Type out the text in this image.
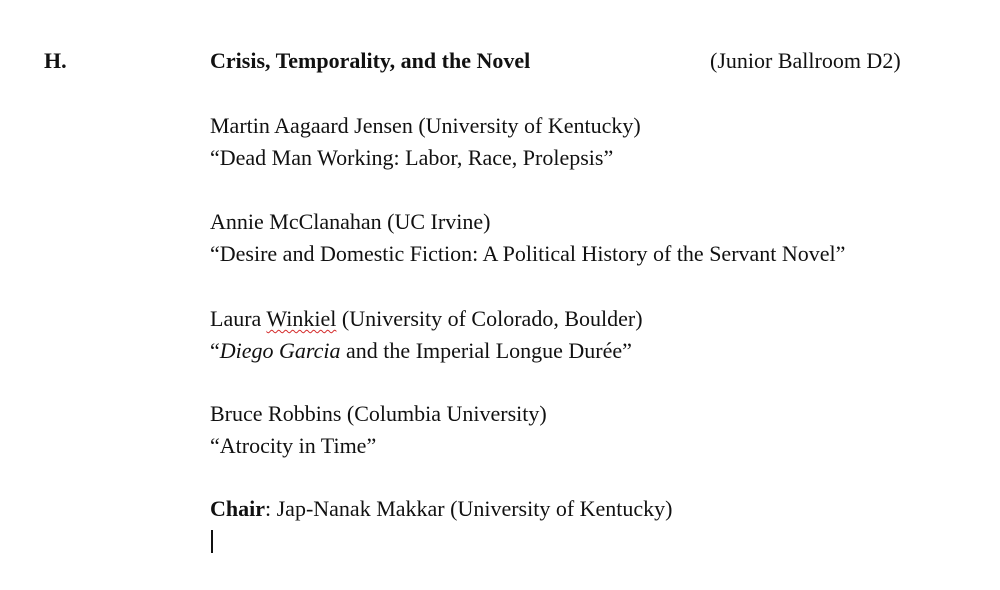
H.	Crisis, Temporality, and the Novel	(Junior Ballroom D2)
Martin Aagaard Jensen (University of Kentucky)
“Dead Man Working: Labor, Race, Prolepsis”
Annie McClanahan (UC Irvine)
“Desire and Domestic Fiction: A Political History of the Servant Novel”
Laura Winkiel (University of Colorado, Boulder)
“Diego Garcia and the Imperial Longue Durée”
Bruce Robbins (Columbia University)
“Atrocity in Time”
Chair: Jap-Nanak Makkar (University of Kentucky)
